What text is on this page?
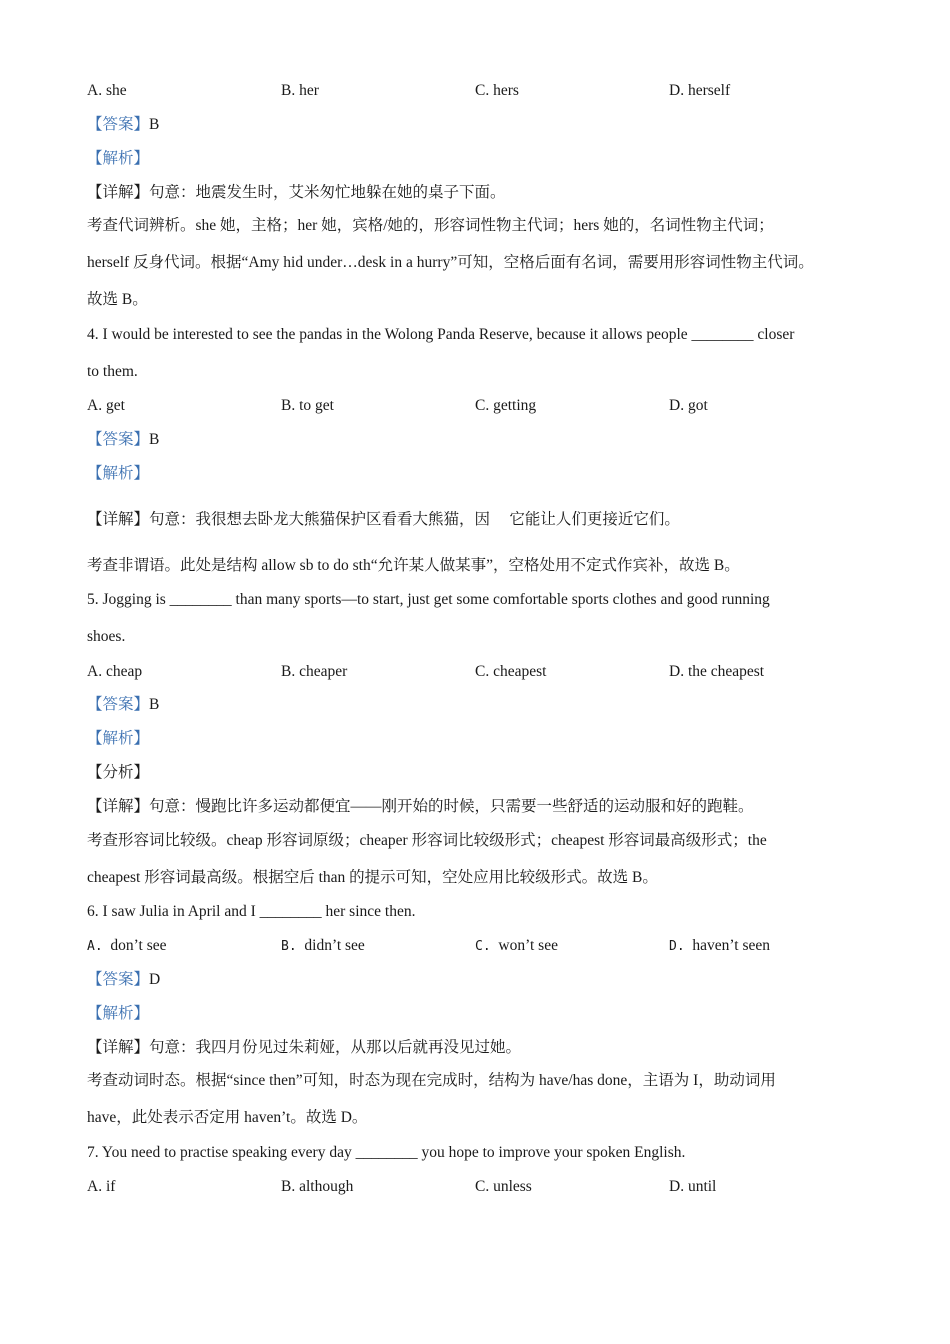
A. she	B. her	C. hers	D. herself
【答案】B
【解析】
【详解】句意：地震发生时，艾米匆忙地躲在她的桌子下面。
考查代词辨析。she 她，主格；her 她，宾格/她的，形容词性物主代词；hers 她的，名词性物主代词；
herself 反身代词。根据“Amy hid under…desk in a hurry”可知，空格后面有名词，需要用形容词性物主代词。
故选 B。
4. I would be interested to see the pandas in the Wolong Panda Reserve, because it allows people ________ closer
to them.
A. get	B. to get	C. getting	D. got
【答案】B
【解析】
【详解】句意：我很想去卧龙大熊猫保护区看看大熊猫，因　 它能让人们更接近它们。
考查非谓语。此处是结构 allow sb to do sth“允许某人做某事”，空格处用不定式作宾补，故选 B。
5. Jogging is ________ than many sports—to start, just get some comfortable sports clothes and good running
shoes.
A. cheap	B. cheaper	C. cheapest	D. the cheapest
【答案】B
【解析】
【分析】
【详解】句意：慢跑比许多运动都便宜——刚开始的时候，只需要一些舒适的运动服和好的跑鞋。
考查形容词比较级。cheap 形容词原级；cheaper 形容词比较级形式；cheapest 形容词最高级形式；the
cheapest 形容词最高级。根据空后 than 的提示可知，空处应用比较级形式。故选 B。
6. I saw Julia in April and I ________ her since then.
A. don’t see	B. didn’t see	C. won’t see	D. haven’t seen
【答案】D
【解析】
【详解】句意：我四月份见过朱莉娅，从那以后就再没见过她。
考查动词时态。根据“since then”可知，时态为现在完成时，结构为 have/has done，主语为 I，助动词用
have，此处表示否定用 haven’t。故选 D。
7. You need to practise speaking every day ________ you hope to improve your spoken English.
A. if	B. although	C. unless	D. until
